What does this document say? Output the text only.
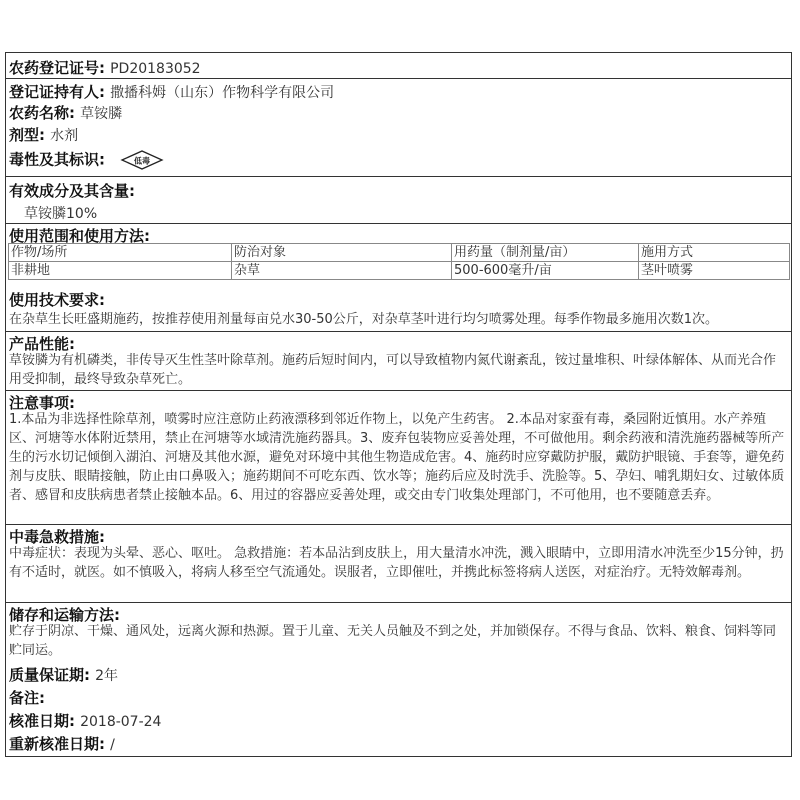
农药登记证号: PD20183052
登记证持有人: 撒播科姆（山东）作物科学有限公司
农药名称: 草铵膦
剂型: 水剂
毒性及其标识:	低毒
有效成分及其含量:
草铵膦10%
使用范围和使用方法:
作物/场所	防治对象	用药量（制剂量/亩）	施用方式
非耕地	杂草	500-600毫升/亩	茎叶喷雾
使用技术要求:
在杂草生长旺盛期施药，按推荐使用剂量每亩兑水30-50公斤，对杂草茎叶进行均匀喷雾处理。每季作物最多施用次数1次。
产品性能:
草铵膦为有机磷类，非传导灭生性茎叶除草剂。施药后短时间内，可以导致植物内氮代谢紊乱，铵过量堆积、叶绿体解体、从而光合作用受抑制，最终导致杂草死亡。
注意事项:
1.本品为非选择性除草剂，喷雾时应注意防止药液漂移到邻近作物上，以免产生药害。 2.本品对家蚕有毒，桑园附近慎用。水产养殖区、河塘等水体附近禁用，禁止在河塘等水域清洗施药器具。3、废弃包装物应妥善处理，不可做他用。剩余药液和清洗施药器械等所产生的污水切记倾倒入湖泊、河塘及其他水源，避免对环境中其他生物造成危害。4、施药时应穿戴防护服，戴防护眼镜、手套等，避免药剂与皮肤、眼睛接触，防止由口鼻吸入；施药期间不可吃东西、饮水等；施药后应及时洗手、洗脸等。5、孕妇、哺乳期妇女、过敏体质者、感冒和皮肤病患者禁止接触本品。6、用过的容器应妥善处理，或交由专门收集处理部门，不可他用，也不要随意丢弃。
中毒急救措施:
中毒症状：表现为头晕、恶心、呕吐。 急救措施：若本品沾到皮肤上，用大量清水冲洗，溅入眼睛中，立即用清水冲洗至少15分钟，扔有不适时，就医。如不慎吸入，将病人移至空气流通处。误服者，立即催吐，并携此标签将病人送医，对症治疗。无特效解毒剂。
储存和运输方法:
贮存于阴凉、干燥、通风处，远离火源和热源。置于儿童、无关人员触及不到之处，并加锁保存。不得与食品、饮料、粮食、饲料等同贮同运。
质量保证期: 2年
备注:
核准日期: 2018-07-24
重新核准日期: /
